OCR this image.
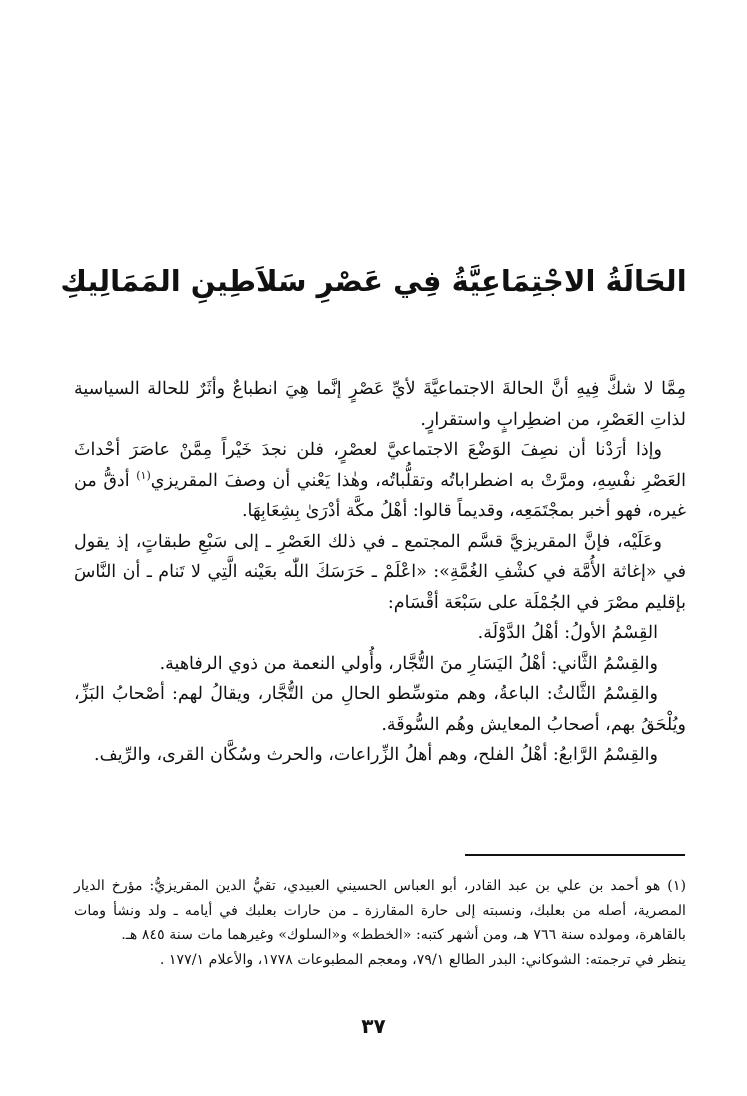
الحَالَةُ الاجْتِمَاعِيَّةُ فِي عَصْرِ سَلاَطِينِ المَمَالِيكِ

مِمَّا لا شكَّ فِيهِ أنَّ الحالةَ الاجتماعيَّةَ لأيِّ عَصْرٍ إنَّما هِيَ انطباعٌ وأثَرٌ للحالة السياسية لذاتِ العَصْرِ، من اضطِرابٍ واستقرارٍ.

وإذا أرَدْنا أن نصِفَ الوَضْعَ الاجتماعيَّ لعصْرٍ، فلن نجدَ خَيْراً مِمَّنْ عاصَرَ أحْداثَ العَصْرِ نفْسِهِ، ومرَّتْ به اضطراباتُه وتقلُّباتُه، وهٰذا يَعْني أن وصفَ المقريزي$^{(١)}$ أدقُّ من غيره، فهو أخبر بمجْتَمَعِه، وقديماً قالوا: أهْلُ مكَّة أدْرَىٰ بِشِعَابِهَا.

وعَلَيْه، فإنَّ المقريزيَّ قسَّم المجتمع ـ في ذلك العَصْرِ ـ إلى سَبْعِ طبقاتٍ، إذ يقول في «إغاثة الأُمَّة في كشْفِ الغُمَّةِ»: «اعْلَمْ ـ حَرَسَكَ اللّٰه بعَيْنه الَّتِي لا تَنام ـ أن النَّاسَ بإقليم مصْرَ في الجُمْلَة على سَبْعَة أقْسَام:

القِسْمُ الأولُ: أهْلُ الدَّوْلَة.

والقِسْمُ الثَّاني: أهْلُ اليَسَارِ منَ التُّجَّار، وأُولي النعمة من ذوي الرفاهية.

والقِسْمُ الثَّالثُ: الباعةُ، وهم متوسِّطو الحالِ من التُّجَّار، ويقالُ لهم: أصْحابُ البَزِّ، ويُلْحَقُ بهم، أصحابُ المعايش وهُم السُّوقَة.

والقِسْمُ الرَّابعُ: أهْلُ الفلح، وهم أهلُ الزِّراعات، والحرث وسُكَّان القرى، والرِّيف.

(١) هو أحمد بن علي بن عبد القادر، أبو العباس الحسيني العبيدي، تقيُّ الدين المقريزيُّ: مؤرخ الديار المصرية، أصله من بعلبك، ونسبته إلى حارة المقارزة ـ من حارات بعلبك في أيامه ـ ولد ونشأ ومات بالقاهرة، ومولده سنة ٧٦٦ هـ، ومن أشهر كتبه: «الخطط» و«السلوك» وغيرهما مات سنة ٨٤٥ هـ.

ينظر في ترجمته: الشوكاني: البدر الطالع ٧٩/١، ومعجم المطبوعات ١٧٧٨، والأعلام ١٧٧/١ .

٣٧
